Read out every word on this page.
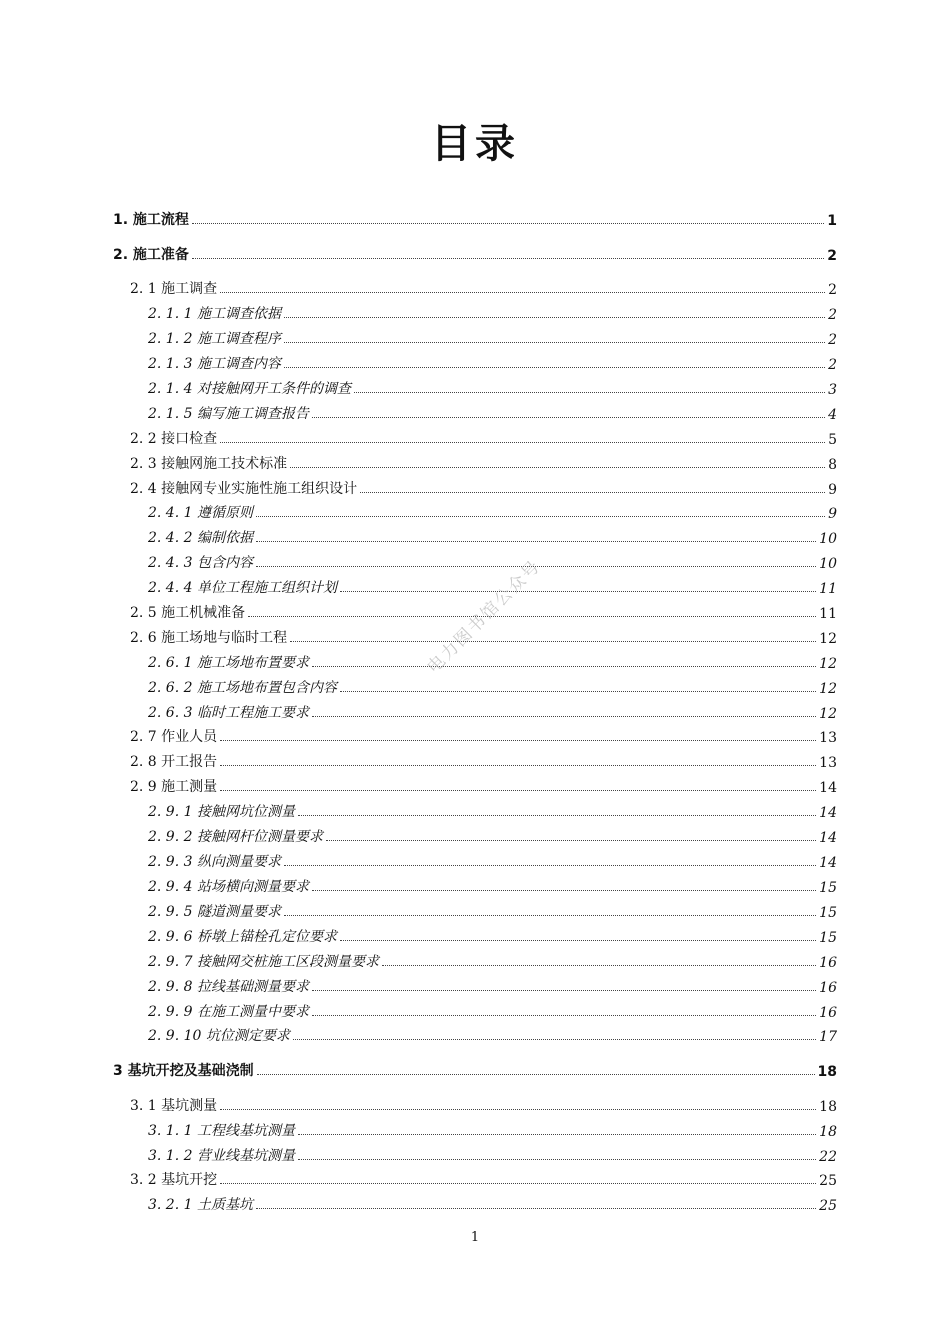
目录
1. 施工流程	1
2. 施工准备	2
2. 1 施工调查	2
2. 1. 1 施工调查依据	2
2. 1. 2 施工调查程序	2
2. 1. 3 施工调查内容	2
2. 1. 4 对接触网开工条件的调查	3
2. 1. 5 编写施工调查报告	4
2. 2 接口检查	5
2. 3 接触网施工技术标准	8
2. 4 接触网专业实施性施工组织设计	9
2. 4. 1 遵循原则	9
2. 4. 2 编制依据	10
2. 4. 3 包含内容	10
2. 4. 4 单位工程施工组织计划	11
2. 5 施工机械准备	11
2. 6 施工场地与临时工程	12
2. 6. 1 施工场地布置要求	12
2. 6. 2 施工场地布置包含内容	12
2. 6. 3 临时工程施工要求	12
2. 7 作业人员	13
2. 8 开工报告	13
2. 9 施工测量	14
2. 9. 1 接触网坑位测量	14
2. 9. 2 接触网杆位测量要求	14
2. 9. 3 纵向测量要求	14
2. 9. 4 站场横向测量要求	15
2. 9. 5 隧道测量要求	15
2. 9. 6 桥墩上锚栓孔定位要求	15
2. 9. 7 接触网交桩施工区段测量要求	16
2. 9. 8 拉线基础测量要求	16
2. 9. 9 在施工测量中要求	16
2. 9. 10 坑位测定要求	17
3 基坑开挖及基础浇制	18
3. 1 基坑测量	18
3. 1. 1 工程线基坑测量	18
3. 1. 2 营业线基坑测量	22
3. 2 基坑开挖	25
3. 2. 1 土质基坑	25
电力图书馆公众号
1
